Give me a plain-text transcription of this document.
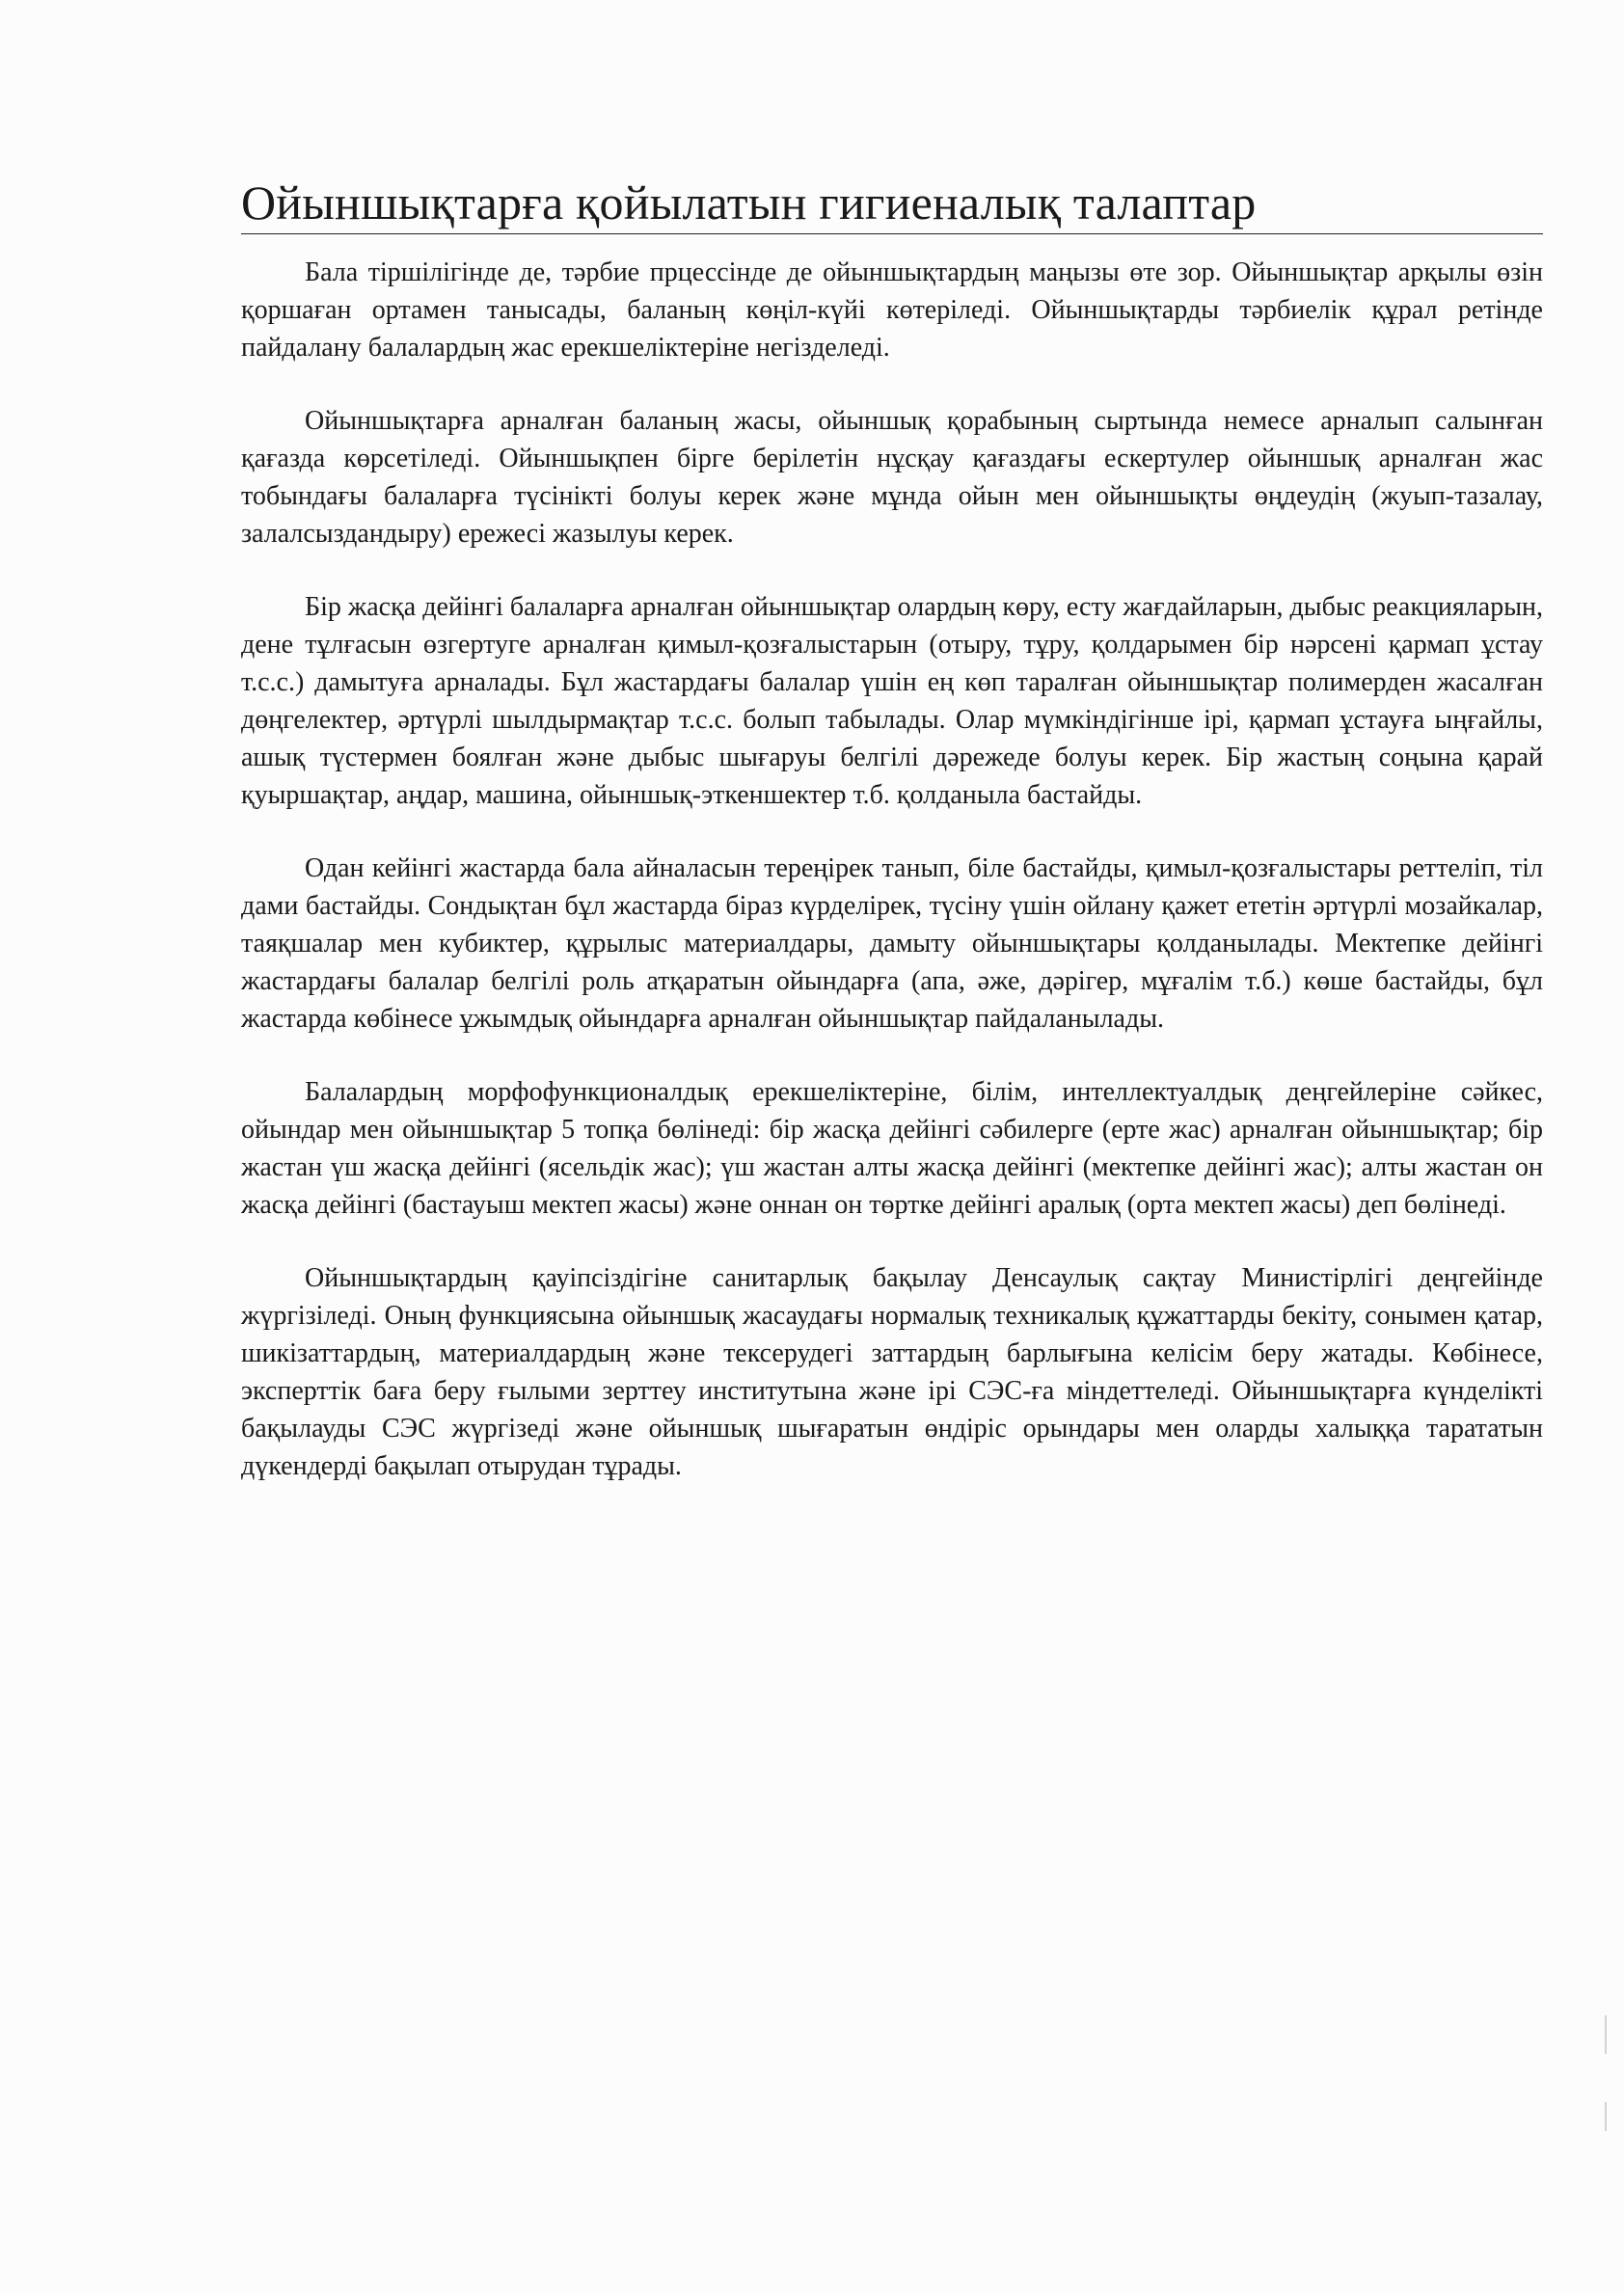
Ойыншықтарға қойылатын гигиеналық талаптар

Бала тіршілігінде де, тәрбие прцессінде де ойыншықтардың маңызы өте зор. Ойыншықтар арқылы өзін қоршаған ортамен танысады, баланың көңіл-күйі көтеріледі. Ойыншықтарды тәрбиелік құрал ретінде пайдалану балалардың жас ерекшеліктеріне негізделеді.

Ойыншықтарға арналған баланың жасы, ойыншық қорабының сыртында немесе арналып салынған қағазда көрсетіледі. Ойыншықпен бірге берілетін нұсқау қағаздағы ескертулер ойыншық арналған жас тобындағы балаларға түсінікті болуы керек және мұнда ойын мен ойыншықты өңдеудің (жуып-тазалау, залалсыздандыру) ережесі жазылуы керек.

Бір жасқа дейінгі балаларға арналған ойыншықтар олардың көру, есту жағдайларын, дыбыс реакцияларын, дене тұлғасын өзгертуге арналған қимыл-қозғалыстарын (отыру, тұру, қолдарымен бір нәрсені қармап ұстау т.с.с.) дамытуға арналады. Бұл жастардағы балалар үшін ең көп таралған ойыншықтар полимерден жасалған дөңгелектер, әртүрлі шылдырмақтар т.с.с. болып табылады. Олар мүмкіндігінше ірі, қармап ұстауға ыңғайлы, ашық түстермен боялған және дыбыс шығаруы белгілі дәрежеде болуы керек. Бір жастың соңына қарай қуыршақтар, аңдар, машина, ойыншық-эткеншектер т.б. қолданыла бастайды.

Одан кейінгі жастарда бала айналасын тереңірек танып, біле бастайды, қимыл-қозғалыстары реттеліп, тіл дами бастайды. Сондықтан бұл жастарда біраз күрделірек, түсіну үшін ойлану қажет ететін әртүрлі мозайкалар, таяқшалар мен кубиктер, құрылыс материалдары, дамыту ойыншықтары қолданылады. Мектепке дейінгі жастардағы балалар белгілі роль атқаратын ойындарға (апа, әже, дәрігер, мұғалім т.б.) көше бастайды, бұл жастарда көбінесе ұжымдық ойындарға арналған ойыншықтар пайдаланылады.

Балалардың морфофункционалдық ерекшеліктеріне, білім, интеллектуалдық деңгейлеріне сәйкес, ойындар мен ойыншықтар 5 топқа бөлінеді: бір жасқа дейінгі сәбилерге (ерте жас) арналған ойыншықтар; бір жастан үш жасқа дейінгі (ясельдік жас); үш жастан алты жасқа дейінгі (мектепке дейінгі жас); алты жастан он жасқа дейінгі (бастауыш мектеп жасы) және оннан он төртке дейінгі аралық (орта мектеп жасы) деп бөлінеді.

Ойыншықтардың қауіпсіздігіне санитарлық бақылау Денсаулық сақтау Министірлігі деңгейінде жүргізіледі. Оның функциясына ойыншық жасаудағы нормалық техникалық құжаттарды бекіту, сонымен қатар, шикізаттардың, материалдардың және тексерудегі заттардың барлығына келісім беру жатады. Көбінесе, эксперттік баға беру ғылыми зерттеу институтына және ірі СЭС-ға міндеттеледі. Ойыншықтарға күнделікті бақылауды СЭС жүргізеді және ойыншық шығаратын өндіріс орындары мен оларды халыққа тарататын дүкендерді бақылап отырудан тұрады.
